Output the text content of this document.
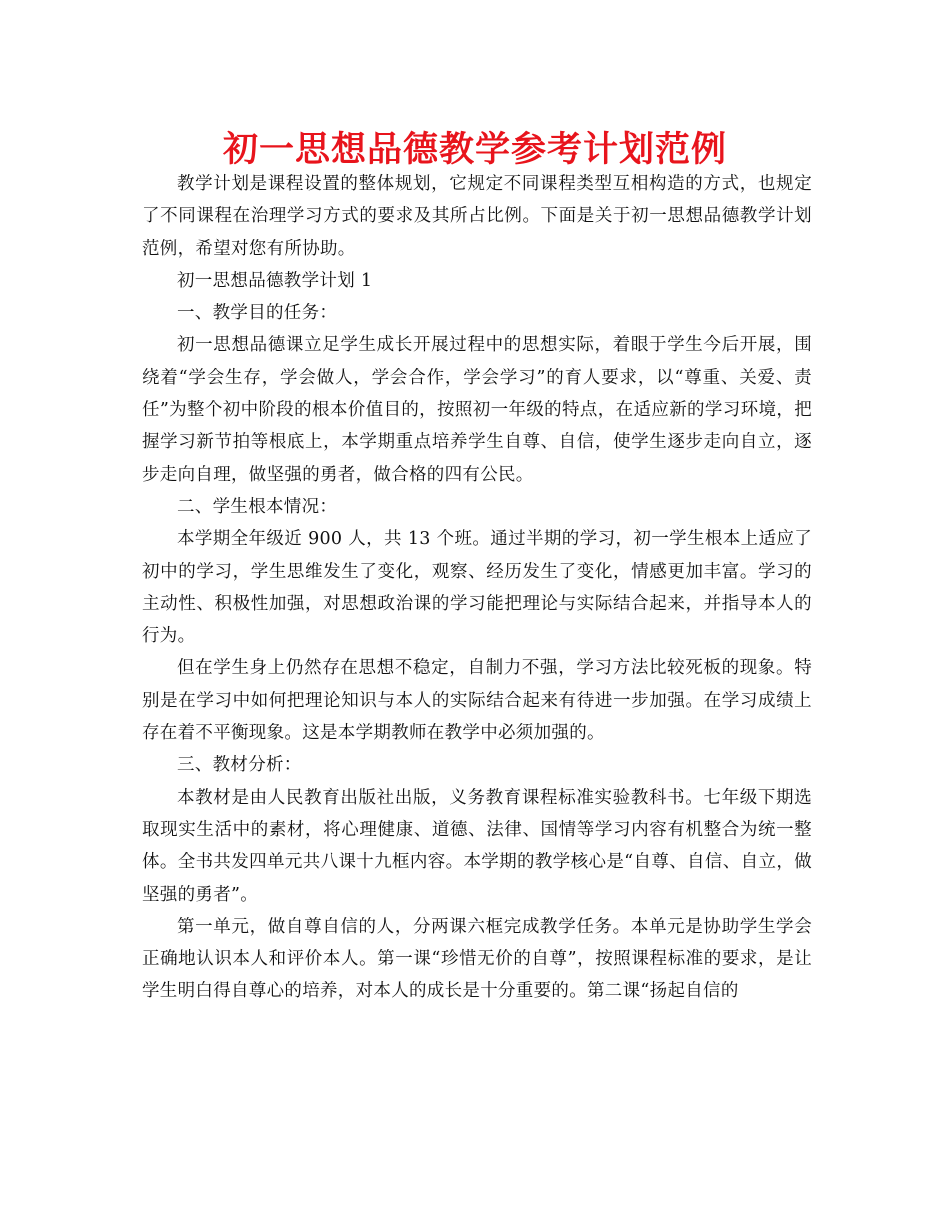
初一思想品德教学参考计划范例

教学计划是课程设置的整体规划，它规定不同课程类型互相构造的方式，也规定了不同课程在治理学习方式的要求及其所占比例。下面是关于初一思想品德教学计划范例，希望对您有所协助。

初一思想品德教学计划 1

一、教学目的任务：

初一思想品德课立足学生成长开展过程中的思想实际，着眼于学生今后开展，围绕着“学会生存，学会做人，学会合作，学会学习”的育人要求，以“尊重、关爱、责任”为整个初中阶段的根本价值目的，按照初一年级的特点，在适应新的学习环境，把握学习新节拍等根底上，本学期重点培养学生自尊、自信，使学生逐步走向自立，逐步走向自理，做坚强的勇者，做合格的四有公民。

二、学生根本情况：

本学期全年级近 900 人，共 13 个班。通过半期的学习，初一学生根本上适应了初中的学习，学生思维发生了变化，观察、经历发生了变化，情感更加丰富。学习的主动性、积极性加强，对思想政治课的学习能把理论与实际结合起来，并指导本人的行为。

但在学生身上仍然存在思想不稳定，自制力不强，学习方法比较死板的现象。特别是在学习中如何把理论知识与本人的实际结合起来有待进一步加强。在学习成绩上存在着不平衡现象。这是本学期教师在教学中必须加强的。

三、教材分析：

本教材是由人民教育出版社出版，义务教育课程标准实验教科书。七年级下期选取现实生活中的素材，将心理健康、道德、法律、国情等学习内容有机整合为统一整体。全书共发四单元共八课十九框内容。本学期的教学核心是“自尊、自信、自立，做坚强的勇者”。

第一单元，做自尊自信的人，分两课六框完成教学任务。本单元是协助学生学会正确地认识本人和评价本人。第一课“珍惜无价的自尊”，按照课程标准的要求，是让学生明白得自尊心的培养，对本人的成长是十分重要的。第二课“扬起自信的
